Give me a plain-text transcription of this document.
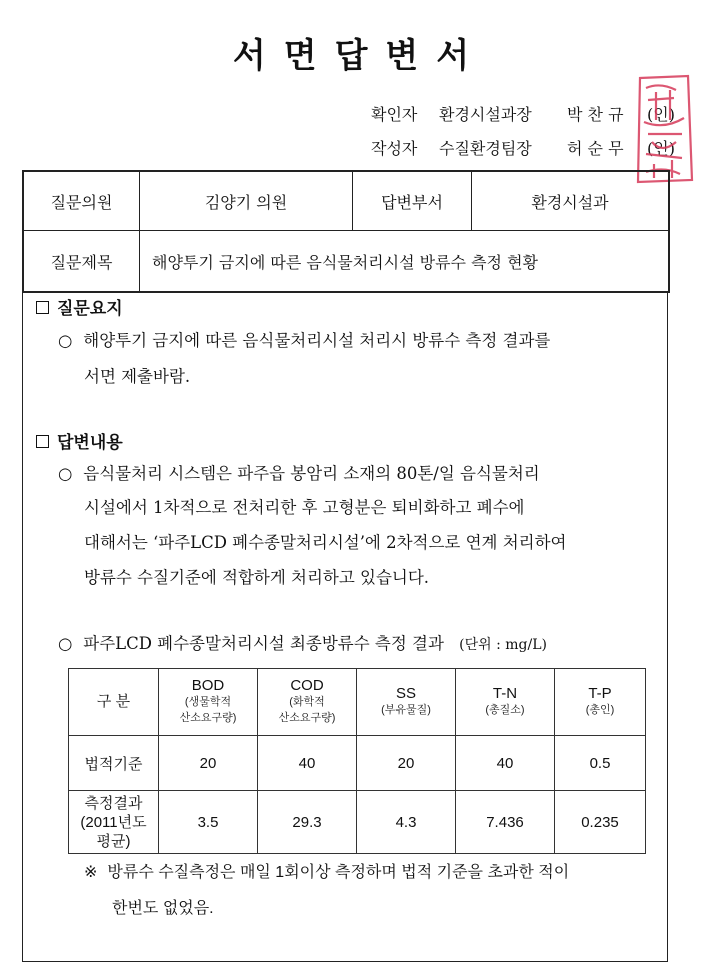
서면답변서
확인자 환경시설과장 박 찬 규 (인)
작성자 수질환경팀장 허 순 무 (인)
질문의원	김양기 의원	답변부서	환경시설과
질문제목	해양투기 금지에 따른 음식물처리시설 방류수 측정 현황		
질문요지
○ 해양투기 금지에 따른 음식물처리시설 처리시 방류수 측정 결과를
서면 제출바람.
답변내용
○ 음식물처리 시스템은 파주읍 봉암리 소재의 80톤/일 음식물처리
시설에서 1차적으로 전처리한 후 고형분은 퇴비화하고 폐수에
대해서는 ‘파주LCD 폐수종말처리시설’에 2차적으로 연계 처리하여
방류수 수질기준에 적합하게 처리하고 있습니다.
○ 파주LCD 폐수종말처리시설 최종방류수 측정 결과 (단위 : mg/L)
구 분	BOD
(생물학적
산소요구량)	COD
(화학적
산소요구량)	SS
(부유물질)	T-N
(총질소)	T-P
(총인)

법적기준	20	40	20	40	0.5

측정결과
(2011년도
평균)	3.5	29.3	4.3	7.436	0.235
※ 방류수 수질측정은 매일 1회이상 측정하며 법적 기준을 초과한 적이
한번도 없었음.
